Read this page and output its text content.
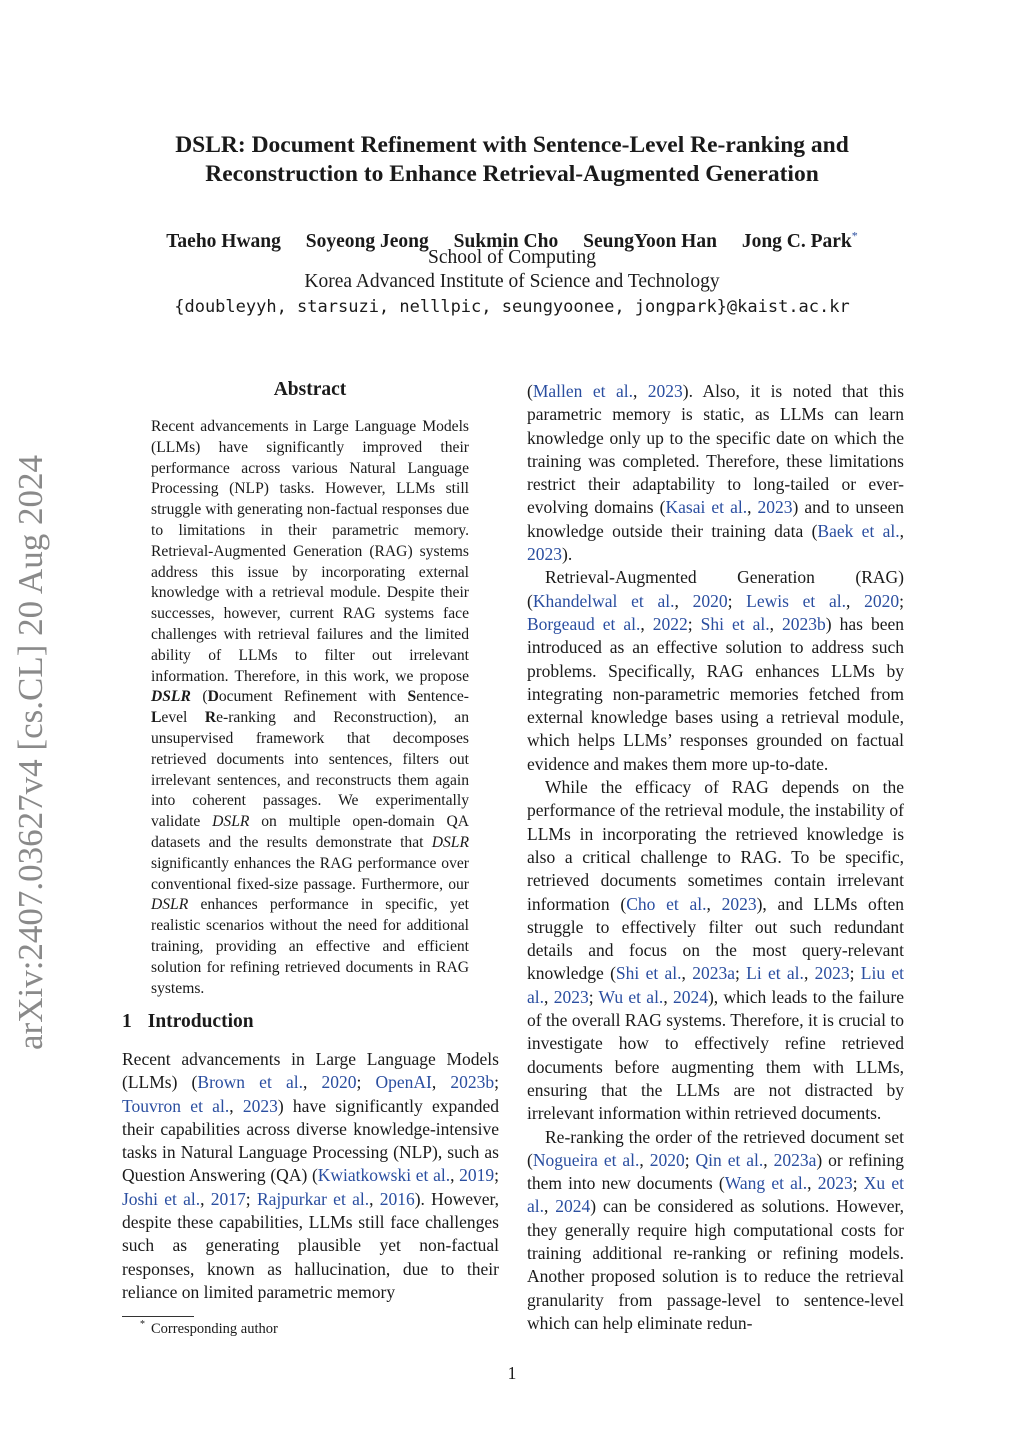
arXiv:2407.03627v4 [cs.CL] 20 Aug 2024
DSLR: Document Refinement with Sentence-Level Re-ranking and
Reconstruction to Enhance Retrieval-Augmented Generation
Taeho Hwang Soyeong Jeong Sukmin Cho SeungYoon Han Jong C. Park*
School of Computing
Korea Advanced Institute of Science and Technology
{doubleyyh, starsuzi, nelllpic, seungyoonee, jongpark}@kaist.ac.kr
Abstract

Recent advancements in Large Language Models (LLMs) have significantly improved their performance across various Natural Language Processing (NLP) tasks. However, LLMs still struggle with generating non-factual responses due to limitations in their parametric memory. Retrieval-Augmented Generation (RAG) systems address this issue by incorporating external knowledge with a retrieval module. Despite their successes, however, current RAG systems face challenges with retrieval failures and the limited ability of LLMs to filter out irrelevant information. Therefore, in this work, we propose DSLR (Document Refinement with Sentence-Level Re-ranking and Reconstruction), an unsupervised framework that decomposes retrieved documents into sentences, filters out irrelevant sentences, and reconstructs them again into coherent passages. We experimentally validate DSLR on multiple open-domain QA datasets and the results demonstrate that DSLR significantly enhances the RAG performance over conventional fixed-size passage. Furthermore, our DSLR enhances performance in specific, yet realistic scenarios without the need for additional training, providing an effective and efficient solution for refining retrieved documents in RAG systems.

1 Introduction

Recent advancements in Large Language Models (LLMs) (Brown et al., 2020; OpenAI, 2023b; Touvron et al., 2023) have significantly expanded their capabilities across diverse knowledge-intensive tasks in Natural Language Processing (NLP), such as Question Answering (QA) (Kwiatkowski et al., 2019; Joshi et al., 2017; Rajpurkar et al., 2016). However, despite these capabilities, LLMs still face challenges such as generating plausible yet non-factual responses, known as hallucination, due to their reliance on limited parametric memory

(Mallen et al., 2023). Also, it is noted that this parametric memory is static, as LLMs can learn knowledge only up to the specific date on which the training was completed. Therefore, these limitations restrict their adaptability to long-tailed or ever-evolving domains (Kasai et al., 2023) and to unseen knowledge outside their training data (Baek et al., 2023).

Retrieval-Augmented Generation (RAG) (Khandelwal et al., 2020; Lewis et al., 2020; Borgeaud et al., 2022; Shi et al., 2023b) has been introduced as an effective solution to address such problems. Specifically, RAG enhances LLMs by integrating non-parametric memories fetched from external knowledge bases using a retrieval module, which helps LLMs’ responses grounded on factual evidence and makes them more up-to-date.

While the efficacy of RAG depends on the performance of the retrieval module, the instability of LLMs in incorporating the retrieved knowledge is also a critical challenge to RAG. To be specific, retrieved documents sometimes contain irrelevant information (Cho et al., 2023), and LLMs often struggle to effectively filter out such redundant details and focus on the most query-relevant knowledge (Shi et al., 2023a; Li et al., 2023; Liu et al., 2023; Wu et al., 2024), which leads to the failure of the overall RAG systems. Therefore, it is crucial to investigate how to effectively refine retrieved documents before augmenting them with LLMs, ensuring that the LLMs are not distracted by irrelevant information within retrieved documents.

Re-ranking the order of the retrieved document set (Nogueira et al., 2020; Qin et al., 2023a) or refining them into new documents (Wang et al., 2023; Xu et al., 2024) can be considered as solutions. However, they generally require high computational costs for training additional re-ranking or refining models. Another proposed solution is to reduce the retrieval granularity from passage-level to sentence-level which can help eliminate redun-

* Corresponding author
1
